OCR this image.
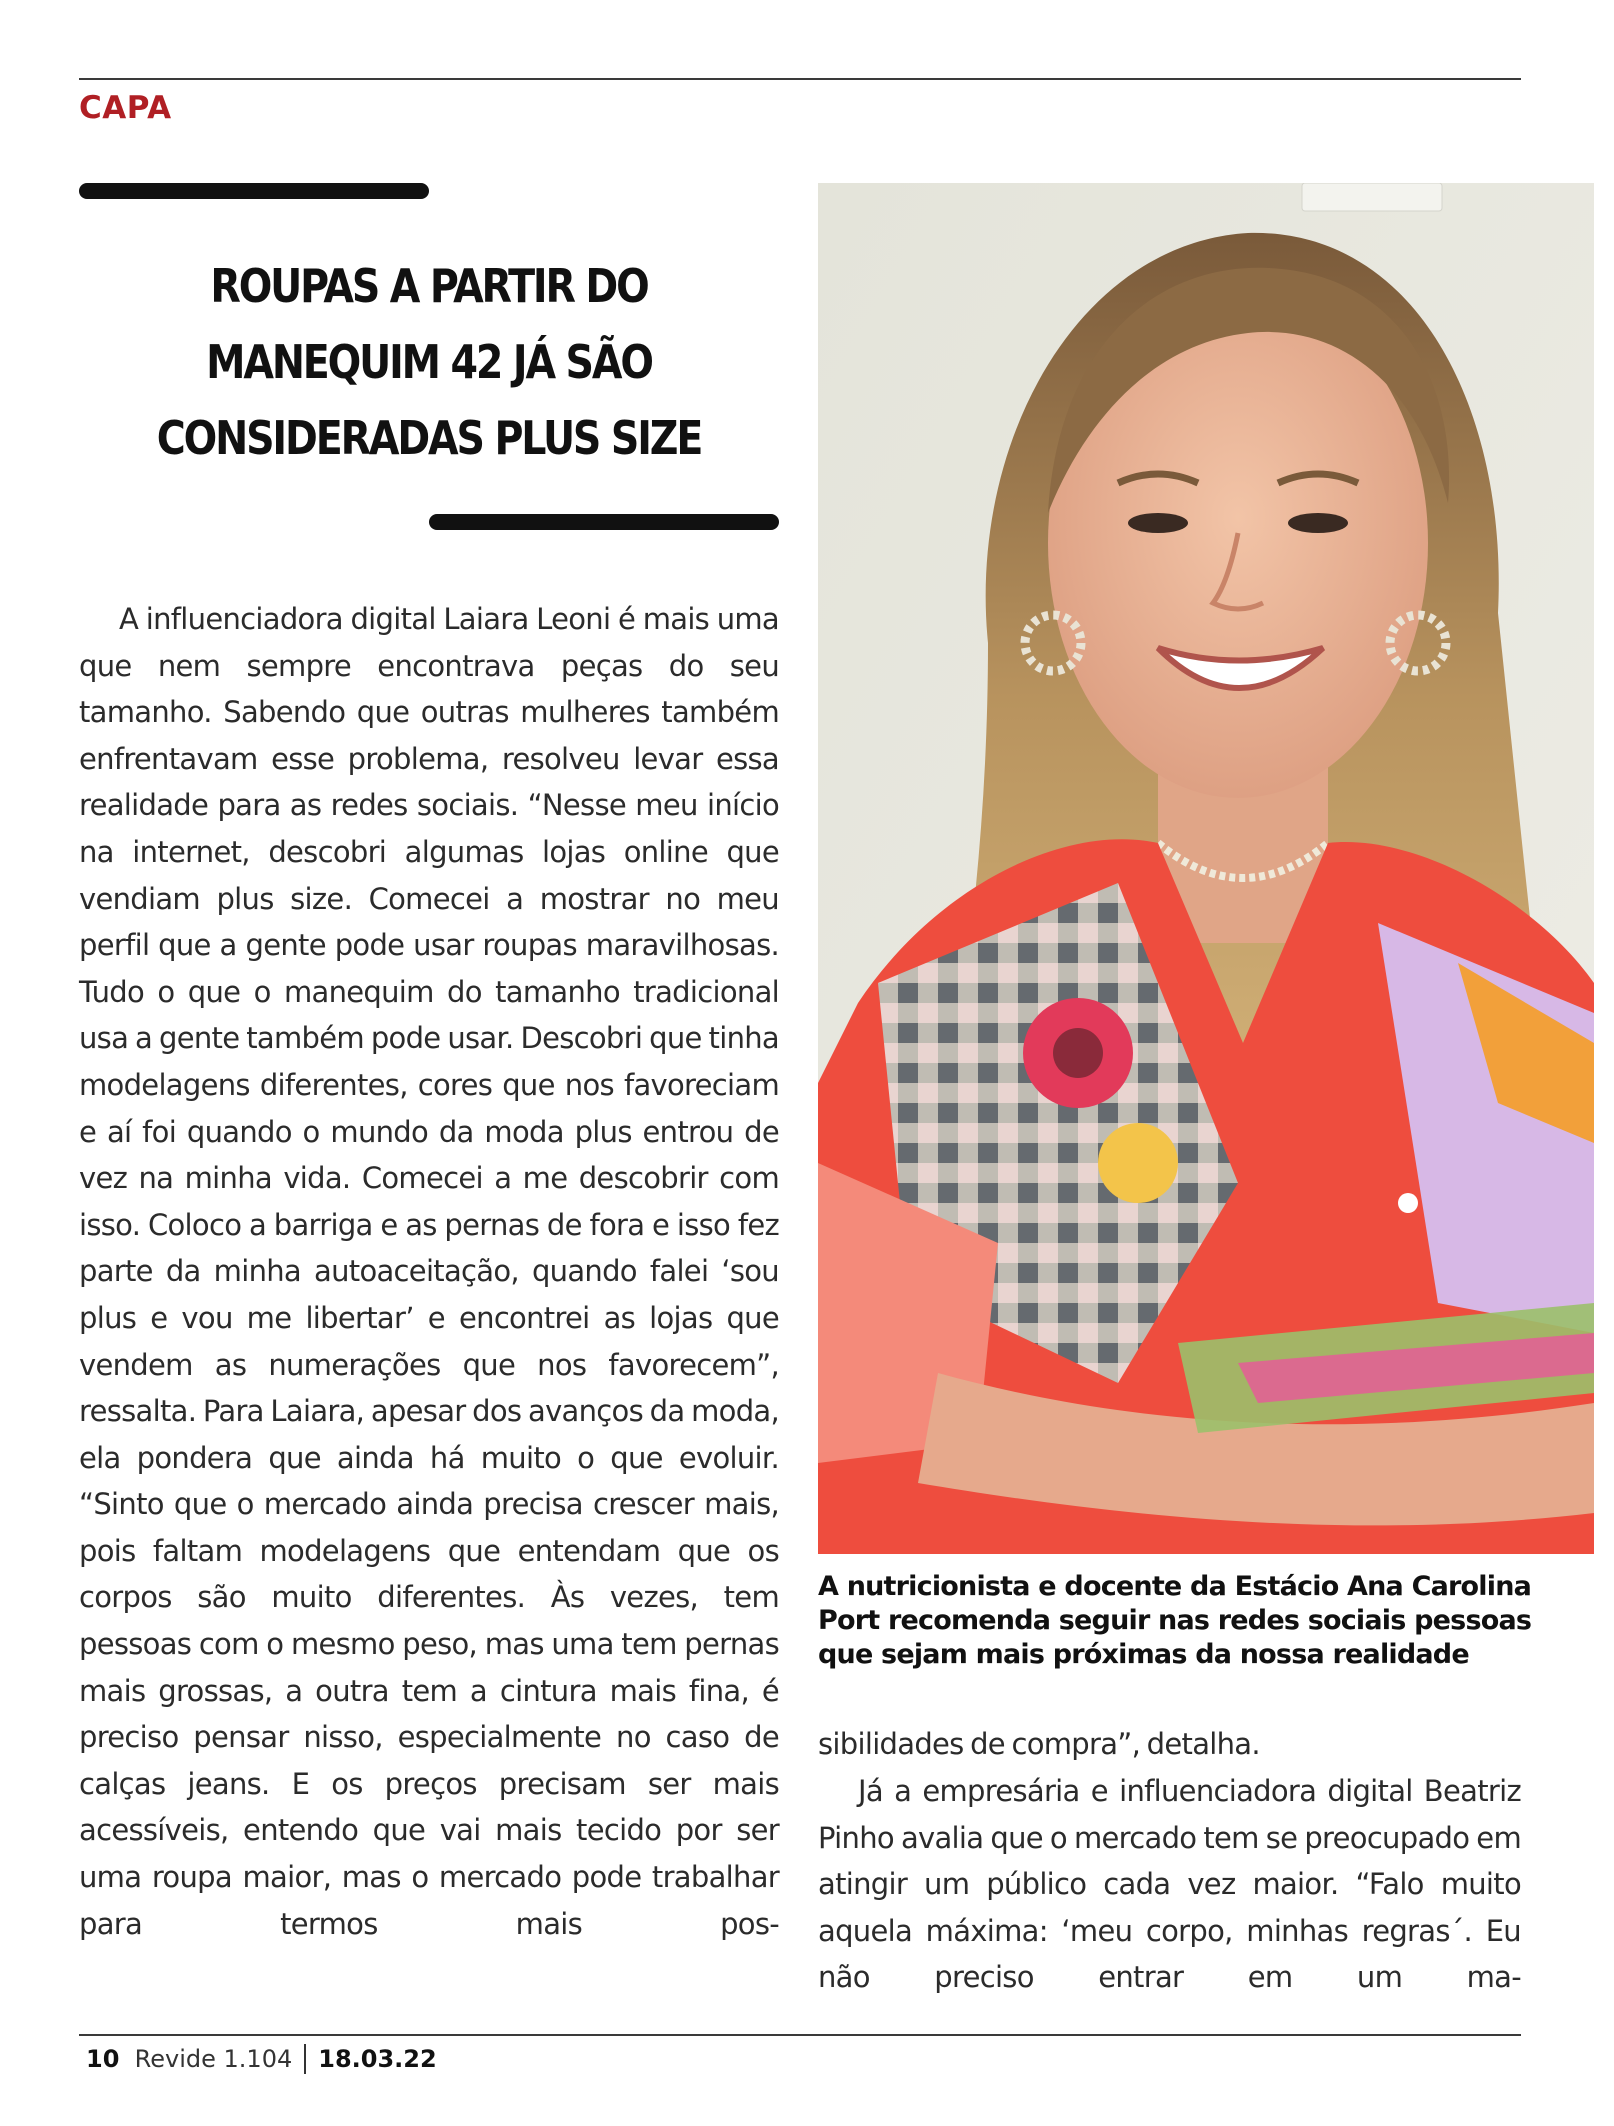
CAPA
ROUPAS A PARTIR DO
MANEQUIM 42 JÁ SÃO
CONSIDERADAS PLUS SIZE

A influenciadora digital Laiara Leoni é mais uma que nem sempre encontrava peças do seu tamanho. Sabendo que outras mulheres também enfrentavam esse problema, resolveu levar essa realidade para as redes sociais. “Nesse meu início na internet, descobri algumas lojas online que vendiam plus size. Comecei a mostrar no meu perfil que a gente pode usar roupas maravilhosas. Tudo o que o manequim do tamanho tradicional usa a gente também pode usar. Descobri que tinha modelagens diferentes, cores que nos favoreciam e aí foi quando o mundo da moda plus entrou de vez na minha vida. Comecei a me descobrir com isso. Coloco a barriga e as pernas de fora e isso fez parte da minha autoaceitação, quando falei ‘sou plus e vou me libertar’ e encontrei as lojas que vendem as numerações que nos favorecem”, ressalta. Para Laiara, apesar dos avanços da moda, ela pondera que ainda há muito o que evoluir. “Sinto que o mercado ainda precisa crescer mais, pois faltam modelagens que entendam que os corpos são muito diferentes. Às vezes, tem pessoas com o mesmo peso, mas uma tem pernas mais grossas, a outra tem a cintura mais fina, é preciso pensar nisso, especialmente no caso de calças jeans. E os preços precisam ser mais acessíveis, entendo que vai mais tecido por ser uma roupa maior, mas o mercado pode trabalhar para termos mais pos-

A nutricionista e docente da Estácio Ana Carolina
Port recomenda seguir nas redes sociais pessoas
que sejam mais próximas da nossa realidade

sibilidades de compra”, detalha.

Já a empresária e influenciadora digital Beatriz Pinho avalia que o mercado tem se preocupado em atingir um público cada vez maior. “Falo muito aquela máxima: ‘meu corpo, minhas regras´. Eu não preciso entrar em um ma-

10
Revide 1.104 18.03.22
